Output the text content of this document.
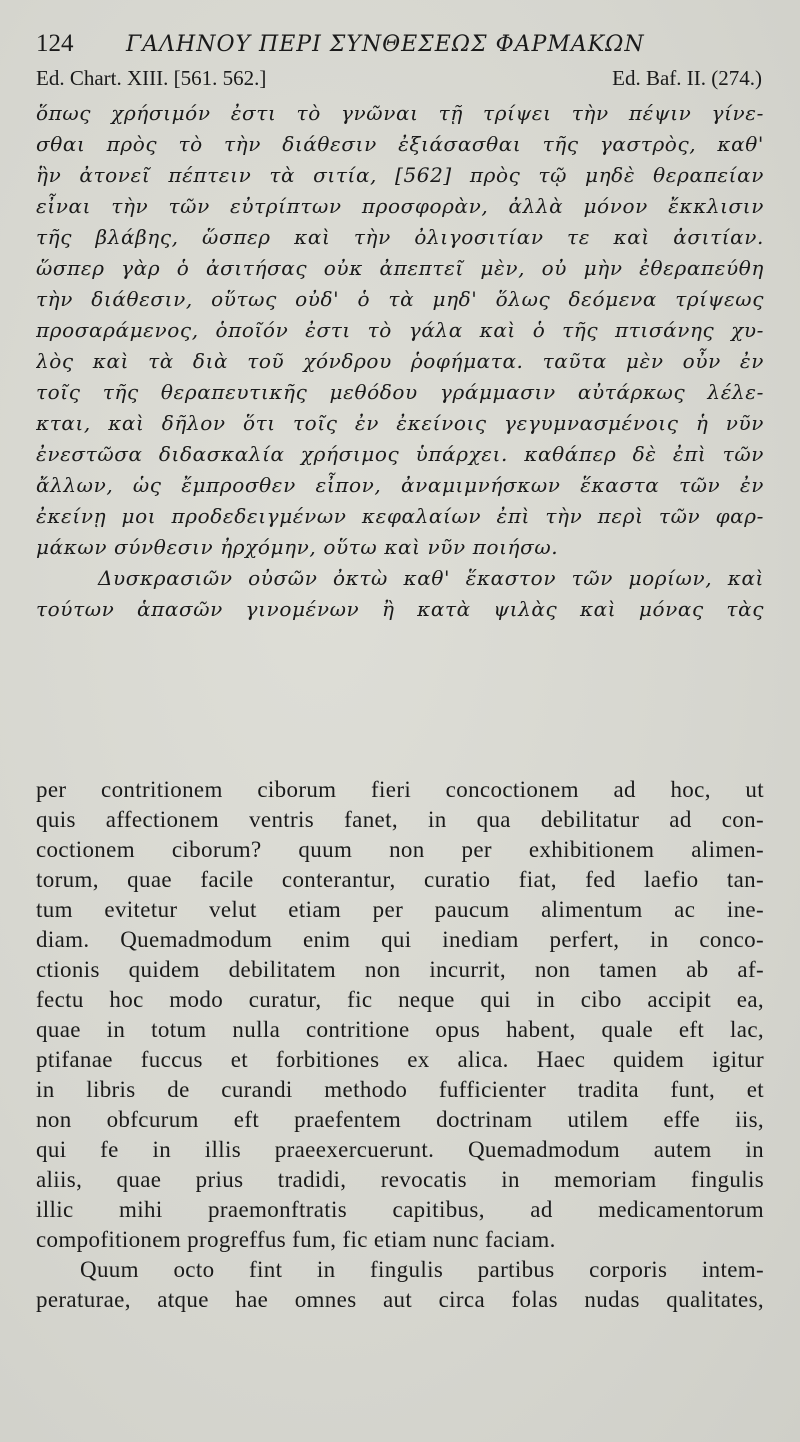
124	ΓΑΛΗΝΟΥ ΠΕΡΙ ΣΥΝΘΕΣΕΩΣ ΦΑΡΜΑΚΩΝ
Ed. Chart. XIII. [561. 562.]	Ed. Baf. II. (274.)
ὅπως χρήσιμόν ἐστι τὸ γνῶναι τῇ τρίψει τὴν πέψιν γίνε-
σθαι πρὸς τὸ τὴν διάθεσιν ἐξιάσασθαι τῆς γαστρὸς, καθ'
ἣν ἀτονεῖ πέπτειν τὰ σιτία, [562] πρὸς τῷ μηδὲ θεραπείαν
εἶναι τὴν τῶν εὐτρίπτων προσφορὰν, ἀλλὰ μόνον ἔκκλισιν
τῆς βλάβης, ὥσπερ καὶ τὴν ὀλιγοσιτίαν τε καὶ ἀσιτίαν.
ὥσπερ γὰρ ὁ ἀσιτήσας οὐκ ἀπεπτεῖ μὲν, οὐ μὴν ἐθεραπεύθη
τὴν διάθεσιν, οὕτως οὐδ' ὁ τὰ μηδ' ὅλως δεόμενα τρίψεως
προσαράμενος, ὁποῖόν ἐστι τὸ γάλα καὶ ὁ τῆς πτισάνης χυ-
λὸς καὶ τὰ διὰ τοῦ χόνδρου ῥοφήματα. ταῦτα μὲν οὖν ἐν
τοῖς τῆς θεραπευτικῆς μεθόδου γράμμασιν αὐτάρκως λέλε-
κται, καὶ δῆλον ὅτι τοῖς ἐν ἐκείνοις γεγυμνασμένοις ἡ νῦν
ἐνεστῶσα διδασκαλία χρήσιμος ὑπάρχει. καθάπερ δὲ ἐπὶ τῶν
ἄλλων, ὡς ἔμπροσθεν εἶπον, ἀναμιμνήσκων ἕκαστα τῶν ἐν
ἐκείνῃ μοι προδεδειγμένων κεφαλαίων ἐπὶ τὴν περὶ τῶν φαρ-
μάκων σύνθεσιν ἠρχόμην, οὕτω καὶ νῦν ποιήσω.
Δυσκρασιῶν οὐσῶν ὀκτὼ καθ' ἕκαστον τῶν μορίων, καὶ
τούτων ἁπασῶν γινομένων ἢ κατὰ ψιλὰς καὶ μόνας τὰς
per contritionem ciborum fieri concoctionem ad hoc, ut
quis affectionem ventris fanet, in qua debilitatur ad con-
coctionem ciborum? quum non per exhibitionem alimen-
torum, quae facile conterantur, curatio fiat, fed laefio tan-
tum evitetur velut etiam per paucum alimentum ac ine-
diam. Quemadmodum enim qui inediam perfert, in conco-
ctionis quidem debilitatem non incurrit, non tamen ab af-
fectu hoc modo curatur, fic neque qui in cibo accipit ea,
quae in totum nulla contritione opus habent, quale eft lac,
ptifanae fuccus et forbitiones ex alica. Haec quidem igitur
in libris de curandi methodo fufficienter tradita funt, et
non obfcurum eft praefentem doctrinam utilem effe iis,
qui fe in illis praeexercuerunt. Quemadmodum autem in
aliis, quae prius tradidi, revocatis in memoriam fingulis
illic mihi praemonftratis capitibus, ad medicamentorum
compofitionem progreffus fum, fic etiam nunc faciam.
Quum octo fint in fingulis partibus corporis intem-
peraturae, atque hae omnes aut circa folas nudas qualitates,
